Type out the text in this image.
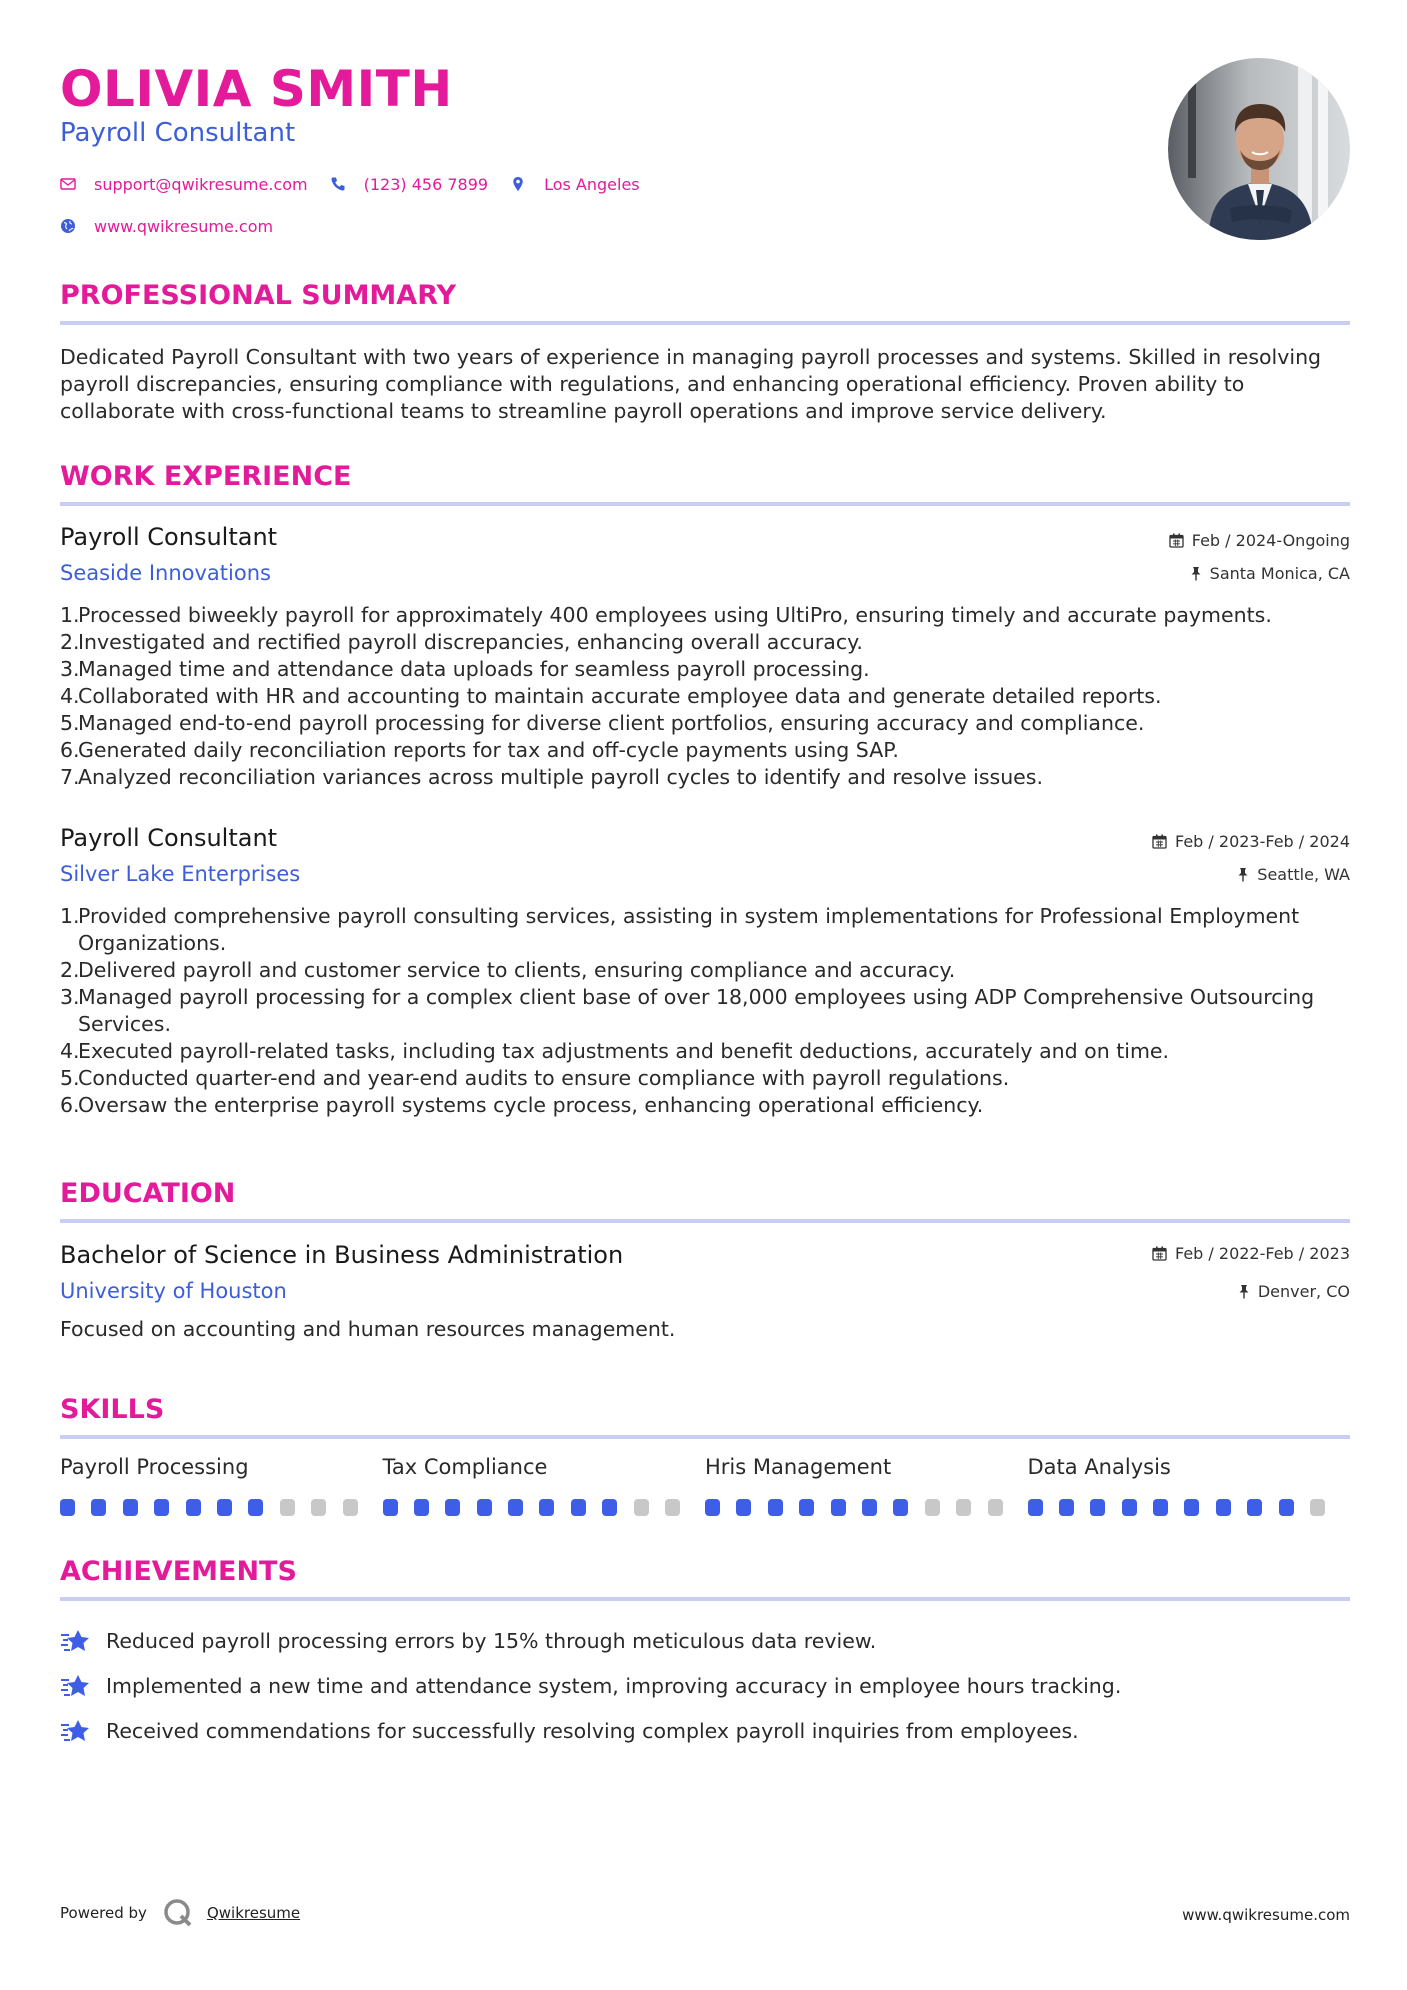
OLIVIA SMITH
Payroll Consultant
support@qwikresume.com	(123) 456 7899	Los Angeles
www.qwikresume.com
PROFESSIONAL SUMMARY
Dedicated Payroll Consultant with two years of experience in managing payroll processes and systems. Skilled in resolving payroll discrepancies, ensuring compliance with regulations, and enhancing operational efficiency. Proven ability to collaborate with cross-functional teams to streamline payroll operations and improve service delivery.
WORK EXPERIENCE
Payroll Consultant	Feb / 2024-Ongoing
Seaside Innovations	Santa Monica, CA
1.
Processed biweekly payroll for approximately 400 employees using UltiPro, ensuring timely and accurate payments.
2.
Investigated and rectified payroll discrepancies, enhancing overall accuracy.
3.
Managed time and attendance data uploads for seamless payroll processing.
4.
Collaborated with HR and accounting to maintain accurate employee data and generate detailed reports.
5.
Managed end-to-end payroll processing for diverse client portfolios, ensuring accuracy and compliance.
6.
Generated daily reconciliation reports for tax and off-cycle payments using SAP.
7.
Analyzed reconciliation variances across multiple payroll cycles to identify and resolve issues.
Payroll Consultant	Feb / 2023-Feb / 2024
Silver Lake Enterprises	Seattle, WA
1.
Provided comprehensive payroll consulting services, assisting in system implementations for Professional Employment Organizations.
2.
Delivered payroll and customer service to clients, ensuring compliance and accuracy.
3.
Managed payroll processing for a complex client base of over 18,000 employees using ADP Comprehensive Outsourcing Services.
4.
Executed payroll-related tasks, including tax adjustments and benefit deductions, accurately and on time.
5.
Conducted quarter-end and year-end audits to ensure compliance with payroll regulations.
6.
Oversaw the enterprise payroll systems cycle process, enhancing operational efficiency.
EDUCATION
Bachelor of Science in Business Administration	Feb / 2022-Feb / 2023
University of Houston	Denver, CO
Focused on accounting and human resources management.
SKILLS
Payroll Processing	Tax Compliance	Hris Management	Data Analysis
ACHIEVEMENTS
Reduced payroll processing errors by 15% through meticulous data review.
Implemented a new time and attendance system, improving accuracy in employee hours tracking.
Received commendations for successfully resolving complex payroll inquiries from employees.
Powered by	Qwikresume	www.qwikresume.com
